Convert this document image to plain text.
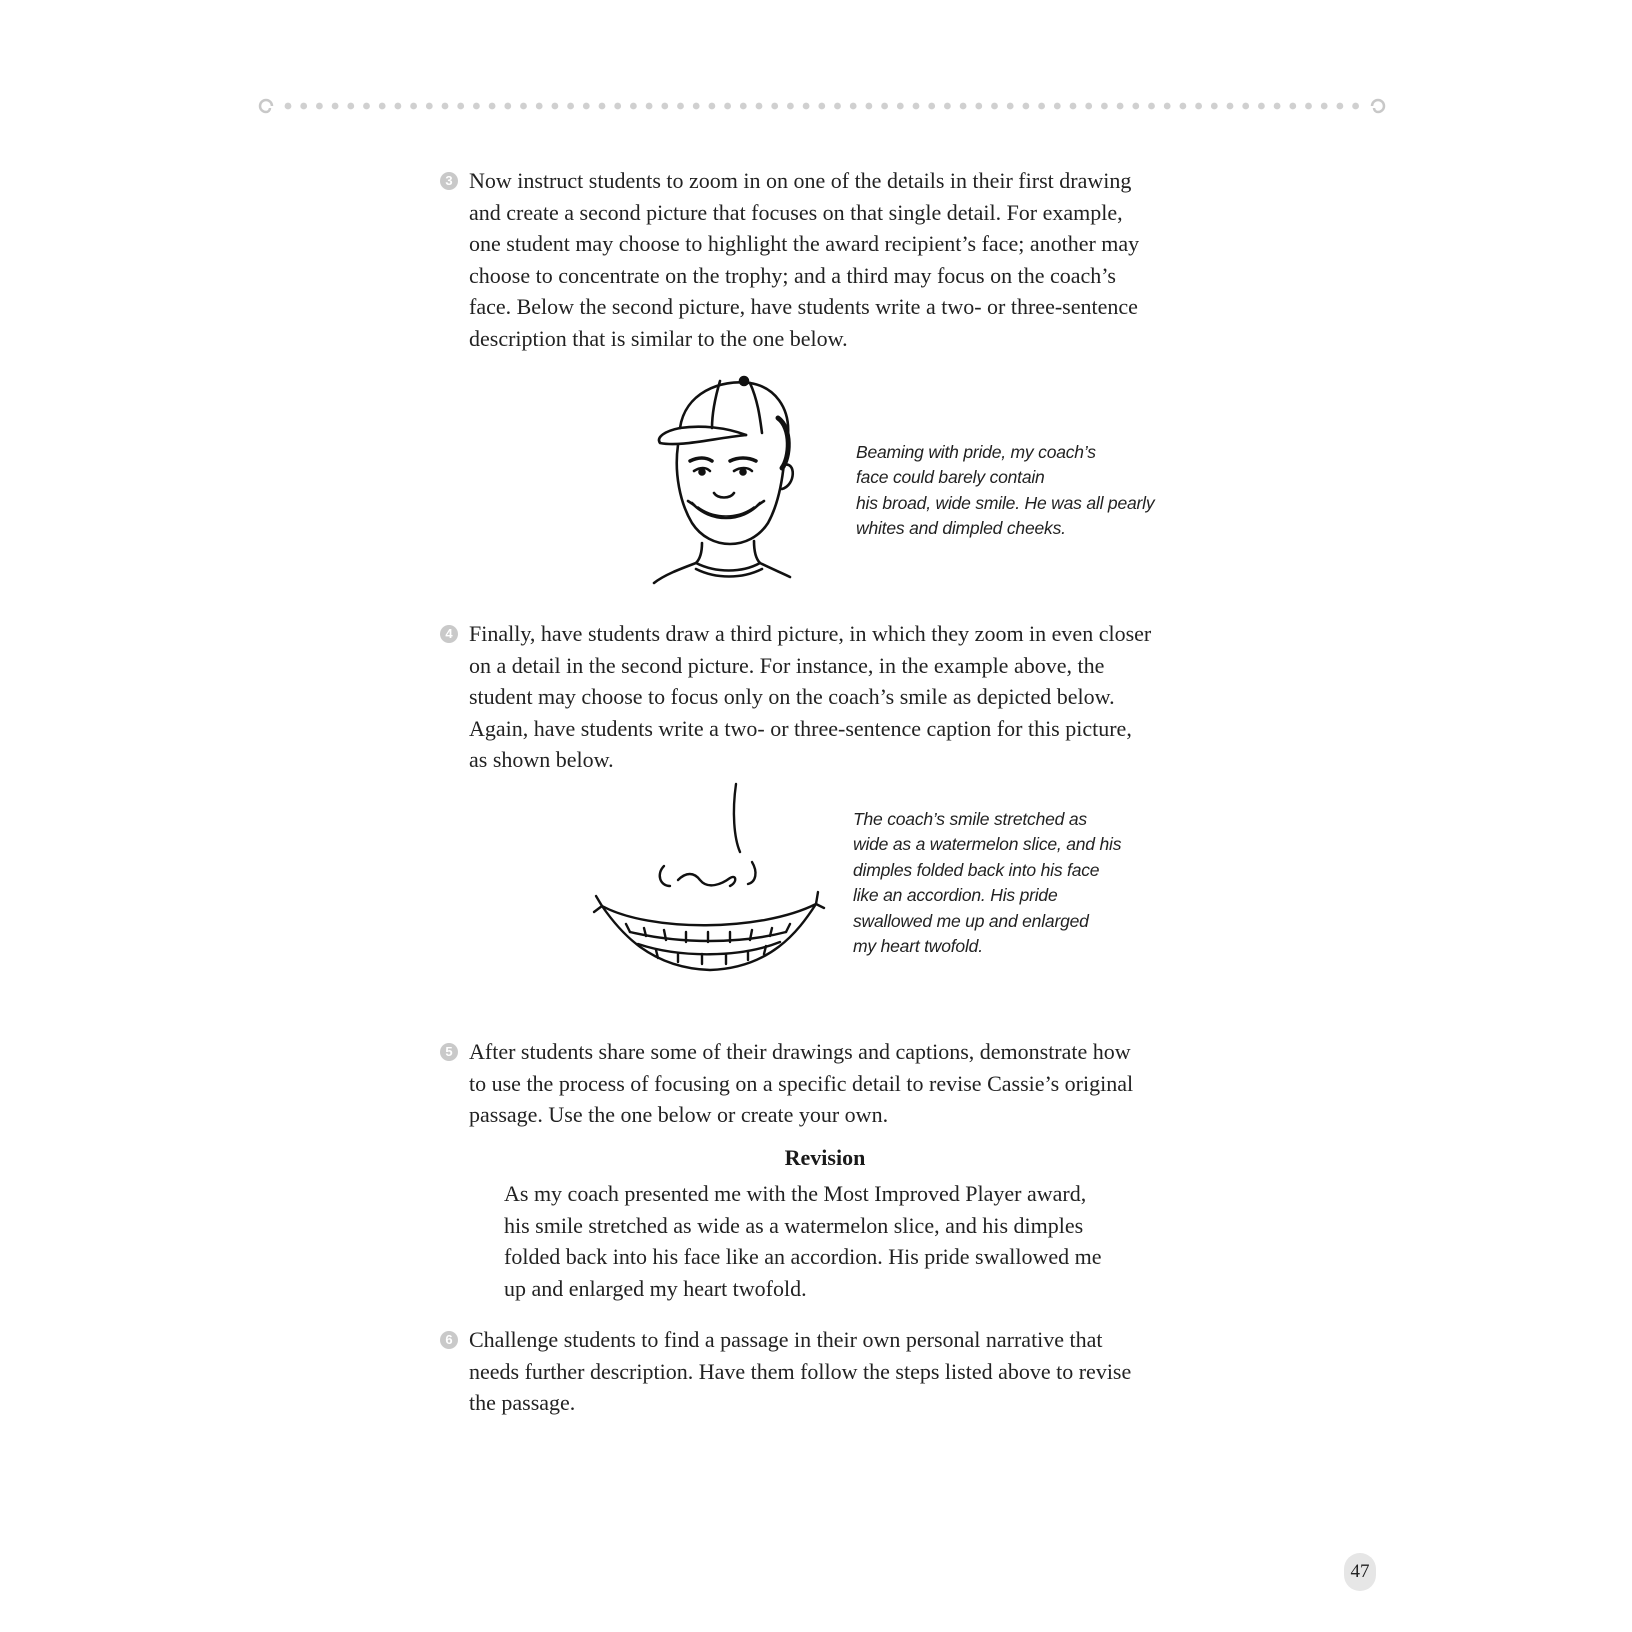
3 Now instruct students to zoom in on one of the details in their first drawing
and create a second picture that focuses on that single detail. For example,
one student may choose to highlight the award recipient’s face; another may
choose to concentrate on the trophy; and a third may focus on the coach’s
face. Below the second picture, have students write a two- or three-sentence
description that is similar to the one below.
Beaming with pride, my coach’s
face could barely contain
his broad, wide smile. He was all pearly
whites and dimpled cheeks.
4 Finally, have students draw a third picture, in which they zoom in even closer
on a detail in the second picture. For instance, in the example above, the
student may choose to focus only on the coach’s smile as depicted below.
Again, have students write a two- or three-sentence caption for this picture,
as shown below.
The coach’s smile stretched as
wide as a watermelon slice, and his
dimples folded back into his face
like an accordion. His pride
swallowed me up and enlarged
my heart twofold.
5 After students share some of their drawings and captions, demonstrate how
to use the process of focusing on a specific detail to revise Cassie’s original
passage. Use the one below or create your own.
Revision
As my coach presented me with the Most Improved Player award,
his smile stretched as wide as a watermelon slice, and his dimples
folded back into his face like an accordion. His pride swallowed me
up and enlarged my heart twofold.
6 Challenge students to find a passage in their own personal narrative that
needs further description. Have them follow the steps listed above to revise
the passage.
47
